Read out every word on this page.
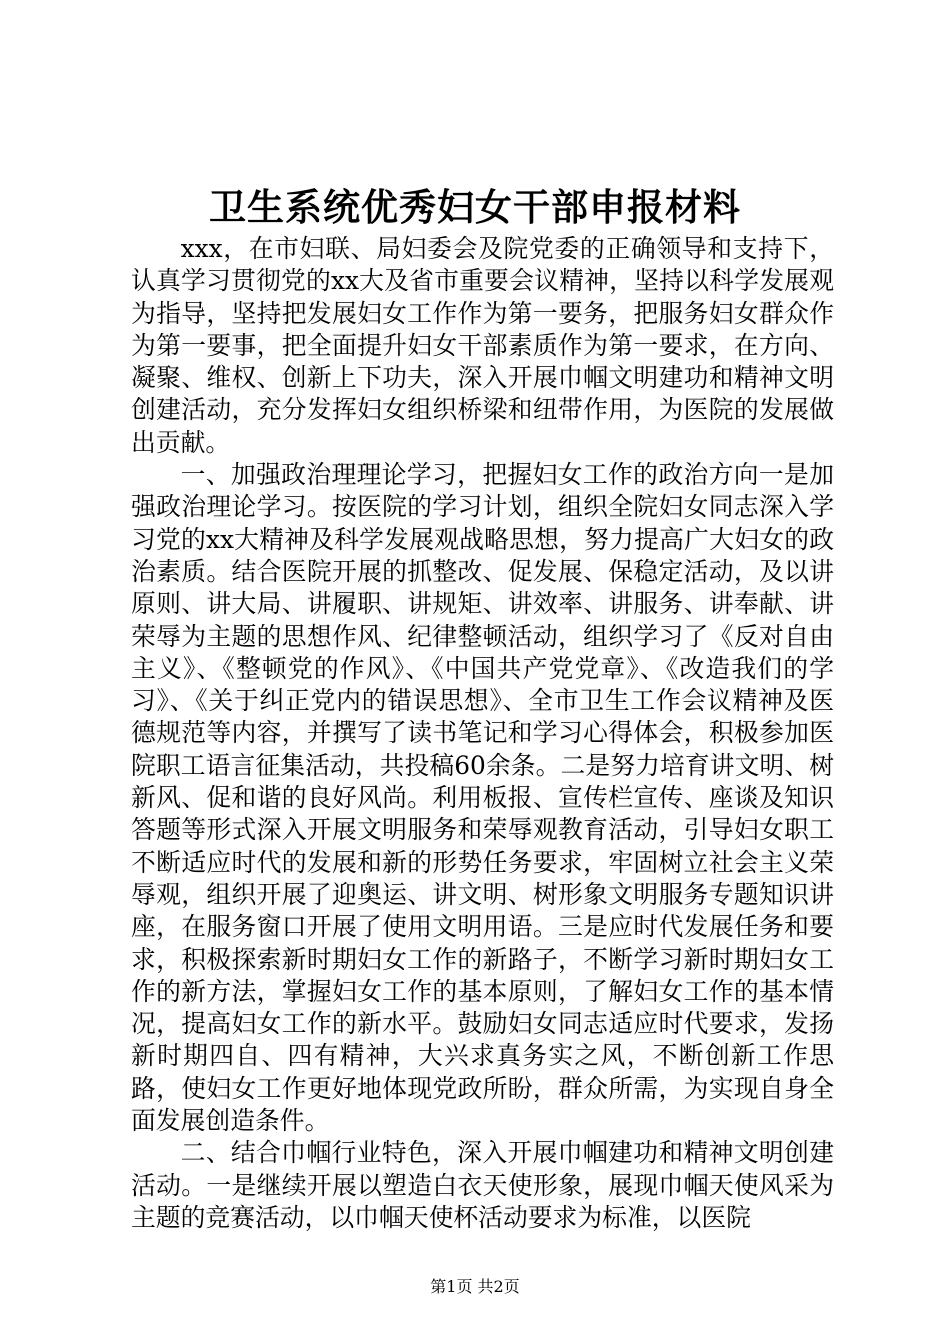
卫生系统优秀妇女干部申报材料

xxx，在市妇联、局妇委会及院党委的正确领导和支持下，认真学习贯彻党的xx大及省市重要会议精神，坚持以科学发展观为指导，坚持把发展妇女工作作为第一要务，把服务妇女群众作为第一要事，把全面提升妇女干部素质作为第一要求，在方向、凝聚、维权、创新上下功夫，深入开展巾帼文明建功和精神文明创建活动，充分发挥妇女组织桥梁和纽带作用，为医院的发展做出贡献。

一、加强政治理理论学习，把握妇女工作的政治方向一是加强政治理论学习。按医院的学习计划，组织全院妇女同志深入学习党的xx大精神及科学发展观战略思想，努力提高广大妇女的政治素质。结合医院开展的抓整改、促发展、保稳定活动，及以讲原则、讲大局、讲履职、讲规矩、讲效率、讲服务、讲奉献、讲荣辱为主题的思想作风、纪律整顿活动，组织学习了《反对自由主义》、《整顿党的作风》、《中国共产党党章》、《改造我们的学习》、《关于纠正党内的错误思想》、全市卫生工作会议精神及医德规范等内容，并撰写了读书笔记和学习心得体会，积极参加医院职工语言征集活动，共投稿60余条。二是努力培育讲文明、树新风、促和谐的良好风尚。利用板报、宣传栏宣传、座谈及知识答题等形式深入开展文明服务和荣辱观教育活动，引导妇女职工不断适应时代的发展和新的形势任务要求，牢固树立社会主义荣辱观，组织开展了迎奥运、讲文明、树形象文明服务专题知识讲座，在服务窗口开展了使用文明用语。三是应时代发展任务和要求，积极探索新时期妇女工作的新路子，不断学习新时期妇女工作的新方法，掌握妇女工作的基本原则，了解妇女工作的基本情况，提高妇女工作的新水平。鼓励妇女同志适应时代要求，发扬新时期四自、四有精神，大兴求真务实之风，不断创新工作思路，使妇女工作更好地体现党政所盼，群众所需，为实现自身全面发展创造条件。

二、结合巾帼行业特色，深入开展巾帼建功和精神文明创建活动。一是继续开展以塑造白衣天使形象，展现巾帼天使风采为主题的竞赛活动，以巾帼天使杯活动要求为标准，以医院

第1页 共2页
